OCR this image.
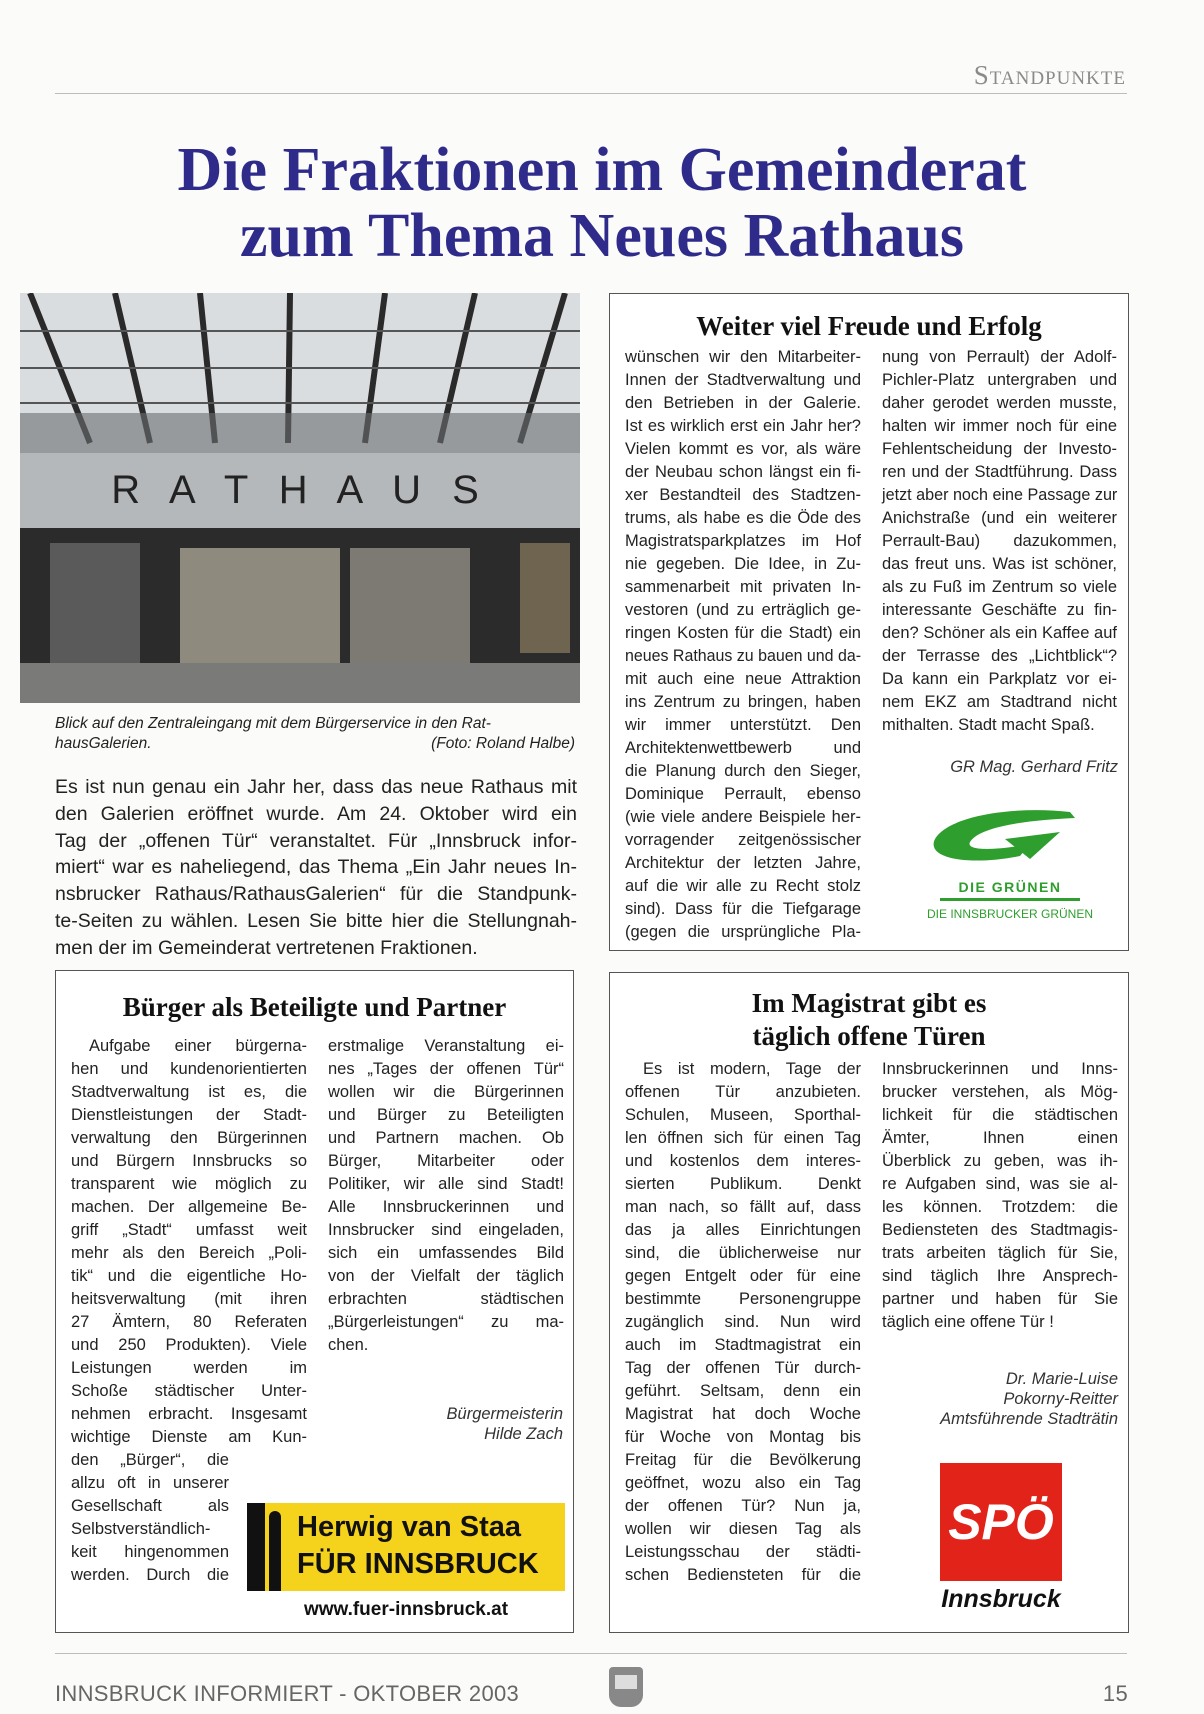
Standpunkte
Die Fraktionen im Gemeinderat
zum Thema Neues Rathaus
R A T H A U S
Blick auf den Zentraleingang mit dem Bürgerservice in den Rat-
hausGalerien.	(Foto: Roland Halbe)
Es ist nun genau ein Jahr her, dass das neue Rathaus mit
den Galerien eröffnet wurde. Am 24. Oktober wird ein
Tag der „offenen Tür“ veranstaltet. Für „Innsbruck infor-
miert“ war es naheliegend, das Thema „Ein Jahr neues In-
nsbrucker Rathaus/RathausGalerien“ für die Standpunk-
te-Seiten zu wählen. Lesen Sie bitte hier die Stellungnah-
men der im Gemeinderat vertretenen Fraktionen.
Weiter viel Freude und Erfolg
wünschen wir den Mitarbeiter-
Innen der Stadtverwaltung und
den Betrieben in der Galerie.
Ist es wirklich erst ein Jahr her?
Vielen kommt es vor, als wäre
der Neubau schon längst ein fi-
xer Bestandteil des Stadtzen-
trums, als habe es die Öde des
Magistratsparkplatzes im Hof
nie gegeben. Die Idee, in Zu-
sammenarbeit mit privaten In-
vestoren (und zu erträglich ge-
ringen Kosten für die Stadt) ein
neues Rathaus zu bauen und da-
mit auch eine neue Attraktion
ins Zentrum zu bringen, haben
wir immer unterstützt. Den
Architektenwettbewerb und
die Planung durch den Sieger,
Dominique Perrault, ebenso
(wie viele andere Beispiele her-
vorragender zeitgenössischer
Architektur der letzten Jahre,
auf die wir alle zu Recht stolz
sind). Dass für die Tiefgarage
(gegen die ursprüngliche Pla-
nung von Perrault) der Adolf-
Pichler-Platz untergraben und
daher gerodet werden musste,
halten wir immer noch für eine
Fehlentscheidung der Investo-
ren und der Stadtführung. Dass
jetzt aber noch eine Passage zur
Anichstraße (und ein weiterer
Perrault-Bau) dazukommen,
das freut uns. Was ist schöner,
als zu Fuß im Zentrum so viele
interessante Geschäfte zu fin-
den? Schöner als ein Kaffee auf
der Terrasse des „Lichtblick“?
Da kann ein Parkplatz vor ei-
nem EKZ am Stadtrand nicht
mithalten. Stadt macht Spaß.
GR Mag. Gerhard Fritz
DIE GRÜNEN
DIE INNSBRUCKER GRÜNEN
Bürger als Beteiligte und Partner
Aufgabe einer bürgerna-
hen und kundenorientierten
Stadtverwaltung ist es, die
Dienstleistungen der Stadt-
verwaltung den Bürgerinnen
und Bürgern Innsbrucks so
transparent wie möglich zu
machen. Der allgemeine Be-
griff „Stadt“ umfasst weit
mehr als den Bereich „Poli-
tik“ und die eigentliche Ho-
heitsverwaltung (mit ihren
27 Ämtern, 80 Referaten
und 250 Produkten). Viele
Leistungen werden im
Schoße städtischer Unter-
nehmen erbracht. Insgesamt
wichtige Dienste am Kun-
den „Bürger“, die
allzu oft in unserer
Gesellschaft als
Selbstverständlich-
keit hingenommen
werden. Durch die
erstmalige Veranstaltung ei-
nes „Tages der offenen Tür“
wollen wir die Bürgerinnen
und Bürger zu Beteiligten
und Partnern machen. Ob
Bürger, Mitarbeiter oder
Politiker, wir alle sind Stadt!
Alle Innsbruckerinnen und
Innsbrucker sind eingeladen,
sich ein umfassendes Bild
von der Vielfalt der täglich
erbrachten städtischen
„Bürgerleistungen“ zu ma-
chen.
Bürgermeisterin
Hilde Zach
Herwig van Staa
FÜR INNSBRUCK
www.fuer-innsbruck.at
Im Magistrat gibt es
täglich offene Türen
Es ist modern, Tage der
offenen Tür anzubieten.
Schulen, Museen, Sporthal-
len öffnen sich für einen Tag
und kostenlos dem interes-
sierten Publikum. Denkt
man nach, so fällt auf, dass
das ja alles Einrichtungen
sind, die üblicherweise nur
gegen Entgelt oder für eine
bestimmte Personengruppe
zugänglich sind. Nun wird
auch im Stadtmagistrat ein
Tag der offenen Tür durch-
geführt. Seltsam, denn ein
Magistrat hat doch Woche
für Woche von Montag bis
Freitag für die Bevölkerung
geöffnet, wozu also ein Tag
der offenen Tür? Nun ja,
wollen wir diesen Tag als
Leistungsschau der städti-
schen Bediensteten für die
Innsbruckerinnen und Inns-
brucker verstehen, als Mög-
lichkeit für die städtischen
Ämter, Ihnen einen
Überblick zu geben, was ih-
re Aufgaben sind, was sie al-
les können. Trotzdem: die
Bediensteten des Stadtmagis-
trats arbeiten täglich für Sie,
sind täglich Ihre Ansprech-
partner und haben für Sie
täglich eine offene Tür !
Dr. Marie-Luise
Pokorny-Reitter
Amtsführende Stadträtin
SPÖ
Innsbruck
INNSBRUCK INFORMIERT - OKTOBER 2003	15
